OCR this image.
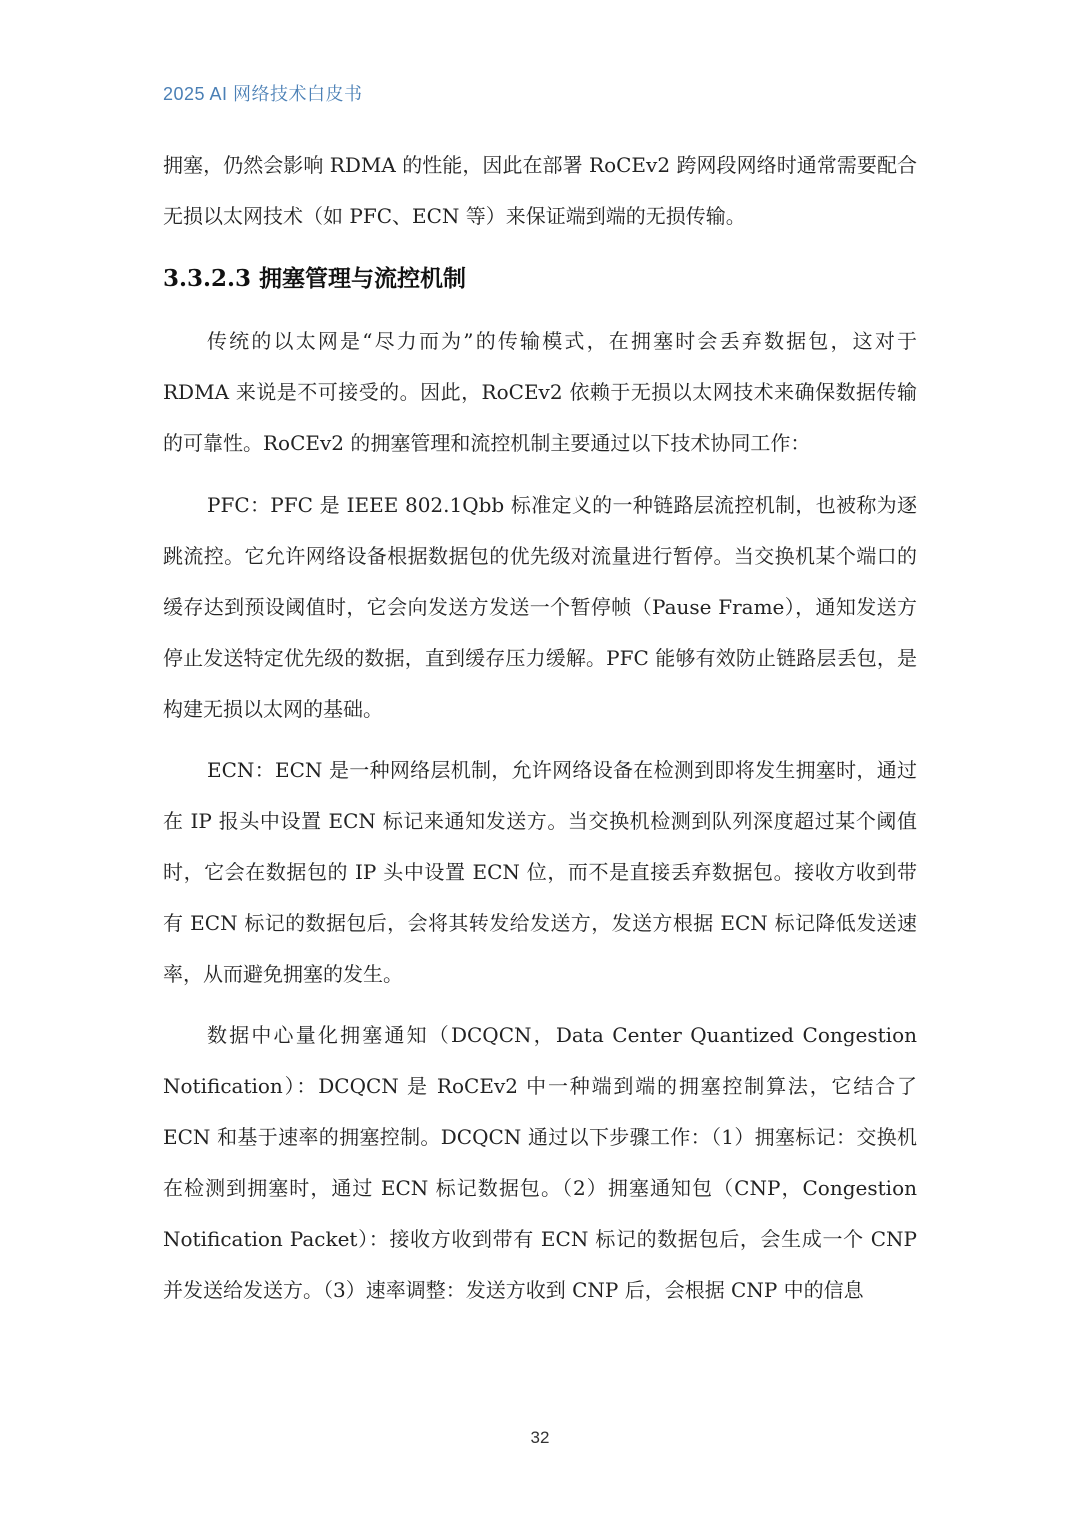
2025 AI 网络技术白皮书
拥塞，仍然会影响 RDMA 的性能，因此在部署 RoCEv2 跨网段网络时通常需要配合无损以太网技术（如 PFC、ECN 等）来保证端到端的无损传输。
3.3.2.3 拥塞管理与流控机制
传统的以太网是“尽力而为”的传输模式，在拥塞时会丢弃数据包，这对于 RDMA 来说是不可接受的。因此，RoCEv2 依赖于无损以太网技术来确保数据传输的可靠性。RoCEv2 的拥塞管理和流控机制主要通过以下技术协同工作：
PFC：PFC 是 IEEE 802.1Qbb 标准定义的一种链路层流控机制，也被称为逐跳流控。它允许网络设备根据数据包的优先级对流量进行暂停。当交换机某个端口的缓存达到预设阈值时，它会向发送方发送一个暂停帧（Pause Frame），通知发送方停止发送特定优先级的数据，直到缓存压力缓解。PFC 能够有效防止链路层丢包，是构建无损以太网的基础。
ECN：ECN 是一种网络层机制，允许网络设备在检测到即将发生拥塞时，通过在 IP 报头中设置 ECN 标记来通知发送方。当交换机检测到队列深度超过某个阈值时，它会在数据包的 IP 头中设置 ECN 位，而不是直接丢弃数据包。接收方收到带有 ECN 标记的数据包后，会将其转发给发送方，发送方根据 ECN 标记降低发送速率，从而避免拥塞的发生。
数据中心量化拥塞通知（DCQCN，Data Center Quantized Congestion Notification）：DCQCN 是 RoCEv2 中一种端到端的拥塞控制算法，它结合了 ECN 和基于速率的拥塞控制。DCQCN 通过以下步骤工作：（1）拥塞标记：交换机在检测到拥塞时，通过 ECN 标记数据包。（2）拥塞通知包（CNP，Congestion Notification Packet）：接收方收到带有 ECN 标记的数据包后，会生成一个 CNP 并发送给发送方。（3）速率调整：发送方收到 CNP 后，会根据 CNP 中的信息
32
